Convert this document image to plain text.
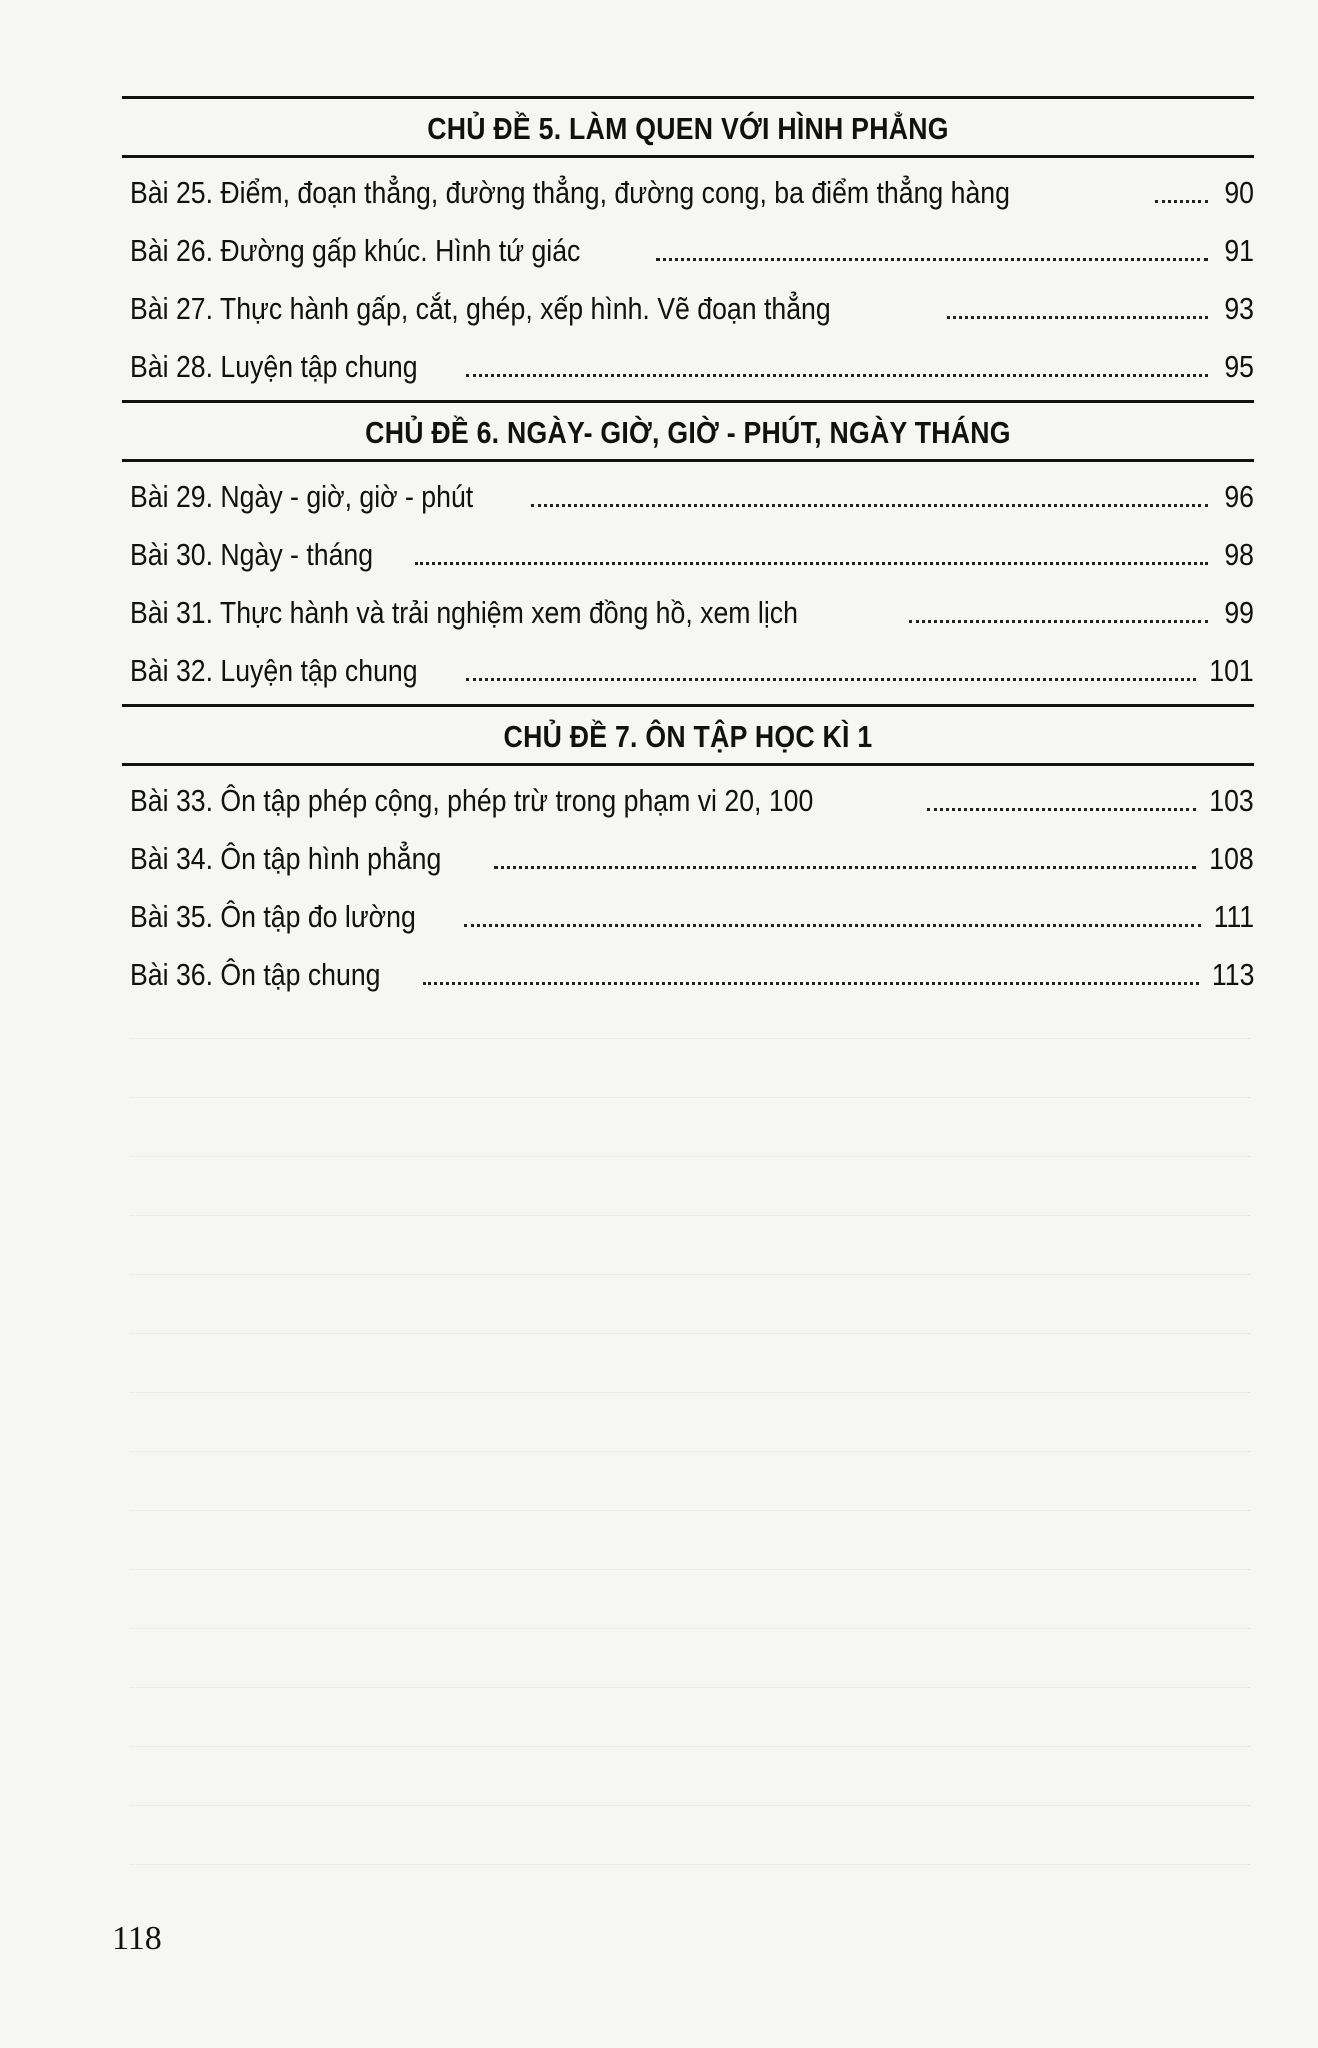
CHỦ ĐỀ 5. LÀM QUEN VỚI HÌNH PHẲNG
Bài 25. Điểm, đoạn thẳng, đường thẳng, đường cong, ba điểm thẳng hàng	90
Bài 26. Đường gấp khúc. Hình tứ giác	91
Bài 27. Thực hành gấp, cắt, ghép, xếp hình. Vẽ đoạn thẳng	93
Bài 28. Luyện tập chung	95
CHỦ ĐỀ 6. NGÀY- GIỜ, GIỜ - PHÚT, NGÀY THÁNG
Bài 29. Ngày - giờ, giờ - phút	96
Bài 30. Ngày - tháng	98
Bài 31. Thực hành và trải nghiệm xem đồng hồ, xem lịch	99
Bài 32. Luyện tập chung	101
CHỦ ĐỀ 7. ÔN TẬP HỌC KÌ 1
Bài 33. Ôn tập phép cộng, phép trừ trong phạm vi 20, 100	103
Bài 34. Ôn tập hình phẳng	108
Bài 35. Ôn tập đo lường	111
Bài 36. Ôn tập chung	113

118
